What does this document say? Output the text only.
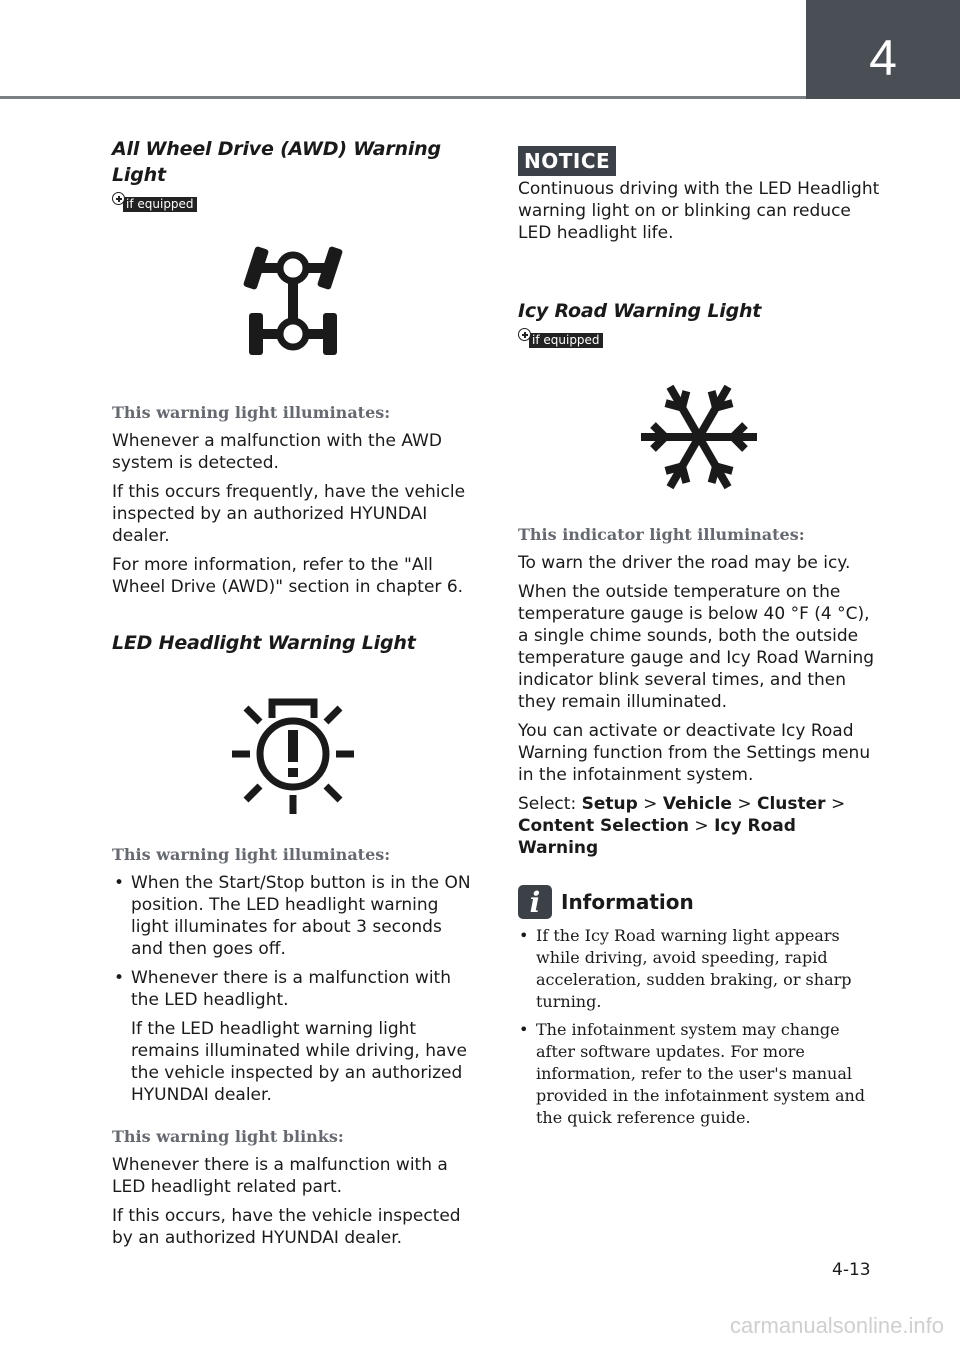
4
All Wheel Drive (AWD) Warning Light
if equipped

This warning light illuminates:

Whenever a malfunction with the AWD system is detected.

If this occurs frequently, have the vehicle inspected by an authorized HYUNDAI dealer.

For more information, refer to the "All Wheel Drive (AWD)" section in chapter 6.

LED Headlight Warning Light

This warning light illuminates:

• When the Start/Stop button is in the ON position. The LED headlight warning light illuminates for about 3 seconds and then goes off.
• Whenever there is a malfunction with the LED headlight.
If the LED headlight warning light remains illuminated while driving, have the vehicle inspected by an authorized HYUNDAI dealer.

This warning light blinks:

Whenever there is a malfunction with a LED headlight related part.

If this occurs, have the vehicle inspected by an authorized HYUNDAI dealer.

NOTICE

Continuous driving with the LED Headlight warning light on or blinking can reduce LED headlight life.

Icy Road Warning Light
if equipped

This indicator light illuminates:

To warn the driver the road may be icy.

When the outside temperature on the temperature gauge is below 40 °F (4 °C), a single chime sounds, both the outside temperature gauge and Icy Road Warning indicator blink several times, and then they remain illuminated.

You can activate or deactivate Icy Road Warning function from the Settings menu in the infotainment system.

Select: Setup > Vehicle > Cluster > Content Selection > Icy Road Warning

i	Information
• If the Icy Road warning light appears while driving, avoid speeding, rapid acceleration, sudden braking, or sharp turning.
• The infotainment system may change after software updates. For more information, refer to the user's manual provided in the infotainment system and the quick reference guide.
4-13
carmanualsonline.info
